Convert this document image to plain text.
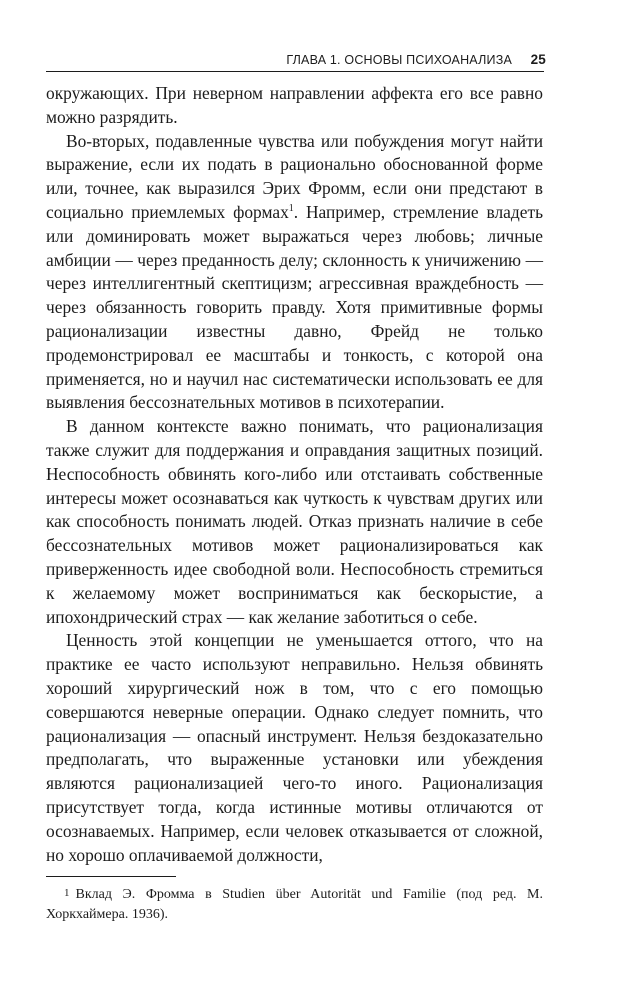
ГЛАВА 1. ОСНОВЫ ПСИХОАНАЛИЗА 25

окружающих. При неверном направлении аффекта его все равно можно разрядить.

Во-вторых, подавленные чувства или побуждения могут найти выражение, если их подать в рационально обоснованной форме или, точнее, как выразился Эрих Фромм, если они предстают в социально приемлемых формах$^1$. Например, стремление владеть или доминировать может выражаться через любовь; личные амбиции — через преданность делу; склонность к уничижению — через интеллигентный скептицизм; агрессивная враждебность — через обязанность говорить правду. Хотя примитивные формы рационализации известны давно, Фрейд не только продемонстрировал ее масштабы и тонкость, с которой она применяется, но и научил нас систематически использовать ее для выявления бессознательных мотивов в психотерапии.

В данном контексте важно понимать, что рационализация также служит для поддержания и оправдания защитных позиций. Неспособность обвинять кого-либо или отстаивать собственные интересы может осознаваться как чуткость к чувствам других или как способность понимать людей. Отказ признать наличие в себе бессознательных мотивов может рационализироваться как приверженность идее свободной воли. Неспособность стремиться к желаемому может восприниматься как бескорыстие, а ипохондрический страх — как желание заботиться о себе.

Ценность этой концепции не уменьшается оттого, что на практике ее часто используют неправильно. Нельзя обвинять хороший хирургический нож в том, что с его помощью совершаются неверные операции. Однако следует помнить, что рационализация — опасный инструмент. Нельзя бездоказательно предполагать, что выраженные установки или убеждения являются рационализацией чего-то иного. Рационализация присутствует тогда, когда истинные мотивы отличаются от осознаваемых. Например, если человек отказывается от сложной, но хорошо оплачиваемой должности,

1 Вклад Э. Фромма в Studien über Autorität und Familie (под ред. М. Хоркхаймера. 1936).
